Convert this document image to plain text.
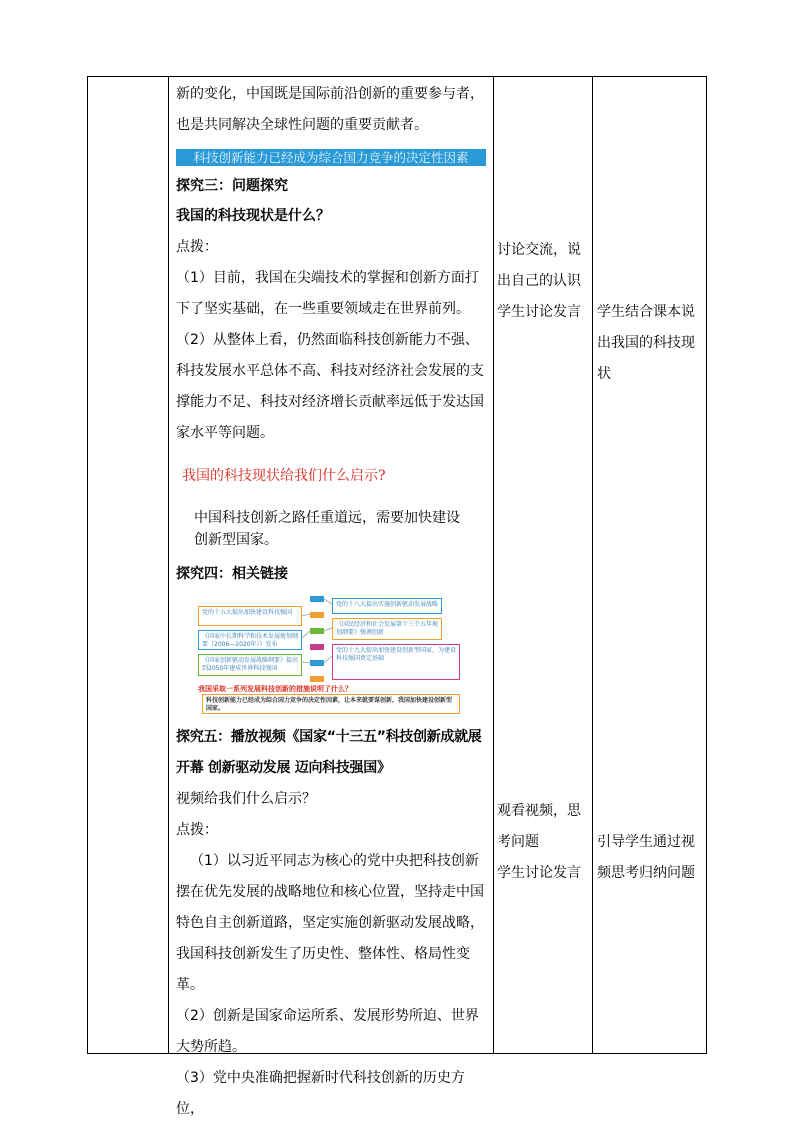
新的变化，中国既是国际前沿创新的重要参与者，

也是共同解决全球性问题的重要贡献者。

科技创新能力已经成为综合国力竞争的决定性因素

探究三：问题探究

我国的科技现状是什么？

点拨：

（1）目前，我国在尖端技术的掌握和创新方面打下了坚实基础，在一些重要领域走在世界前列。

（2）从整体上看，仍然面临科技创新能力不强、科技发展水平总体不高、科技对经济社会发展的支撑能力不足、科技对经济增长贡献率远低于发达国家水平等问题。

我国的科技现状给我们什么启示?

中国科技创新之路任重道远，需要加快建设创新型国家。

探究四：相关链接

党的十五大提出加快建设科技强国
《国家中长期科学和技术发展规划纲要（2006—2020年）》发布
《国家创新驱动发展战略纲要》提出到2050年建成世界科技强国
党的十八大提出实施创新驱动发展战略
《国民经济和社会发展第十三个五年规划纲要》强调创新
党的十九大提出加快建设创新型国家，为建设科技强国奠定基础
我国采取一系列发展科技创新的措施说明了什么？
科技创新能力已经成为综合国力竞争的决定性因素，让本来就要谋创新，我国加快建设创新型国家。

探究五：播放视频《国家“十三五”科技创新成就展开幕 创新驱动发展 迈向科技强国》

视频给我们什么启示？

点拨：

（1）以习近平同志为核心的党中央把科技创新摆在优先发展的战略地位和核心位置，坚持走中国特色自主创新道路，坚定实施创新驱动发展战略，我国科技创新发生了历史性、整体性、格局性变革。

（2）创新是国家命运所系、发展形势所迫、世界大势所趋。

（3）党中央准确把握新时代科技创新的历史方位，

讨论交流，说出自己的认识
学生讨论发言
观看视频，思考问题
学生讨论发言
学生结合课本说出我国的科技现状
引导学生通过视频思考归纳问题
